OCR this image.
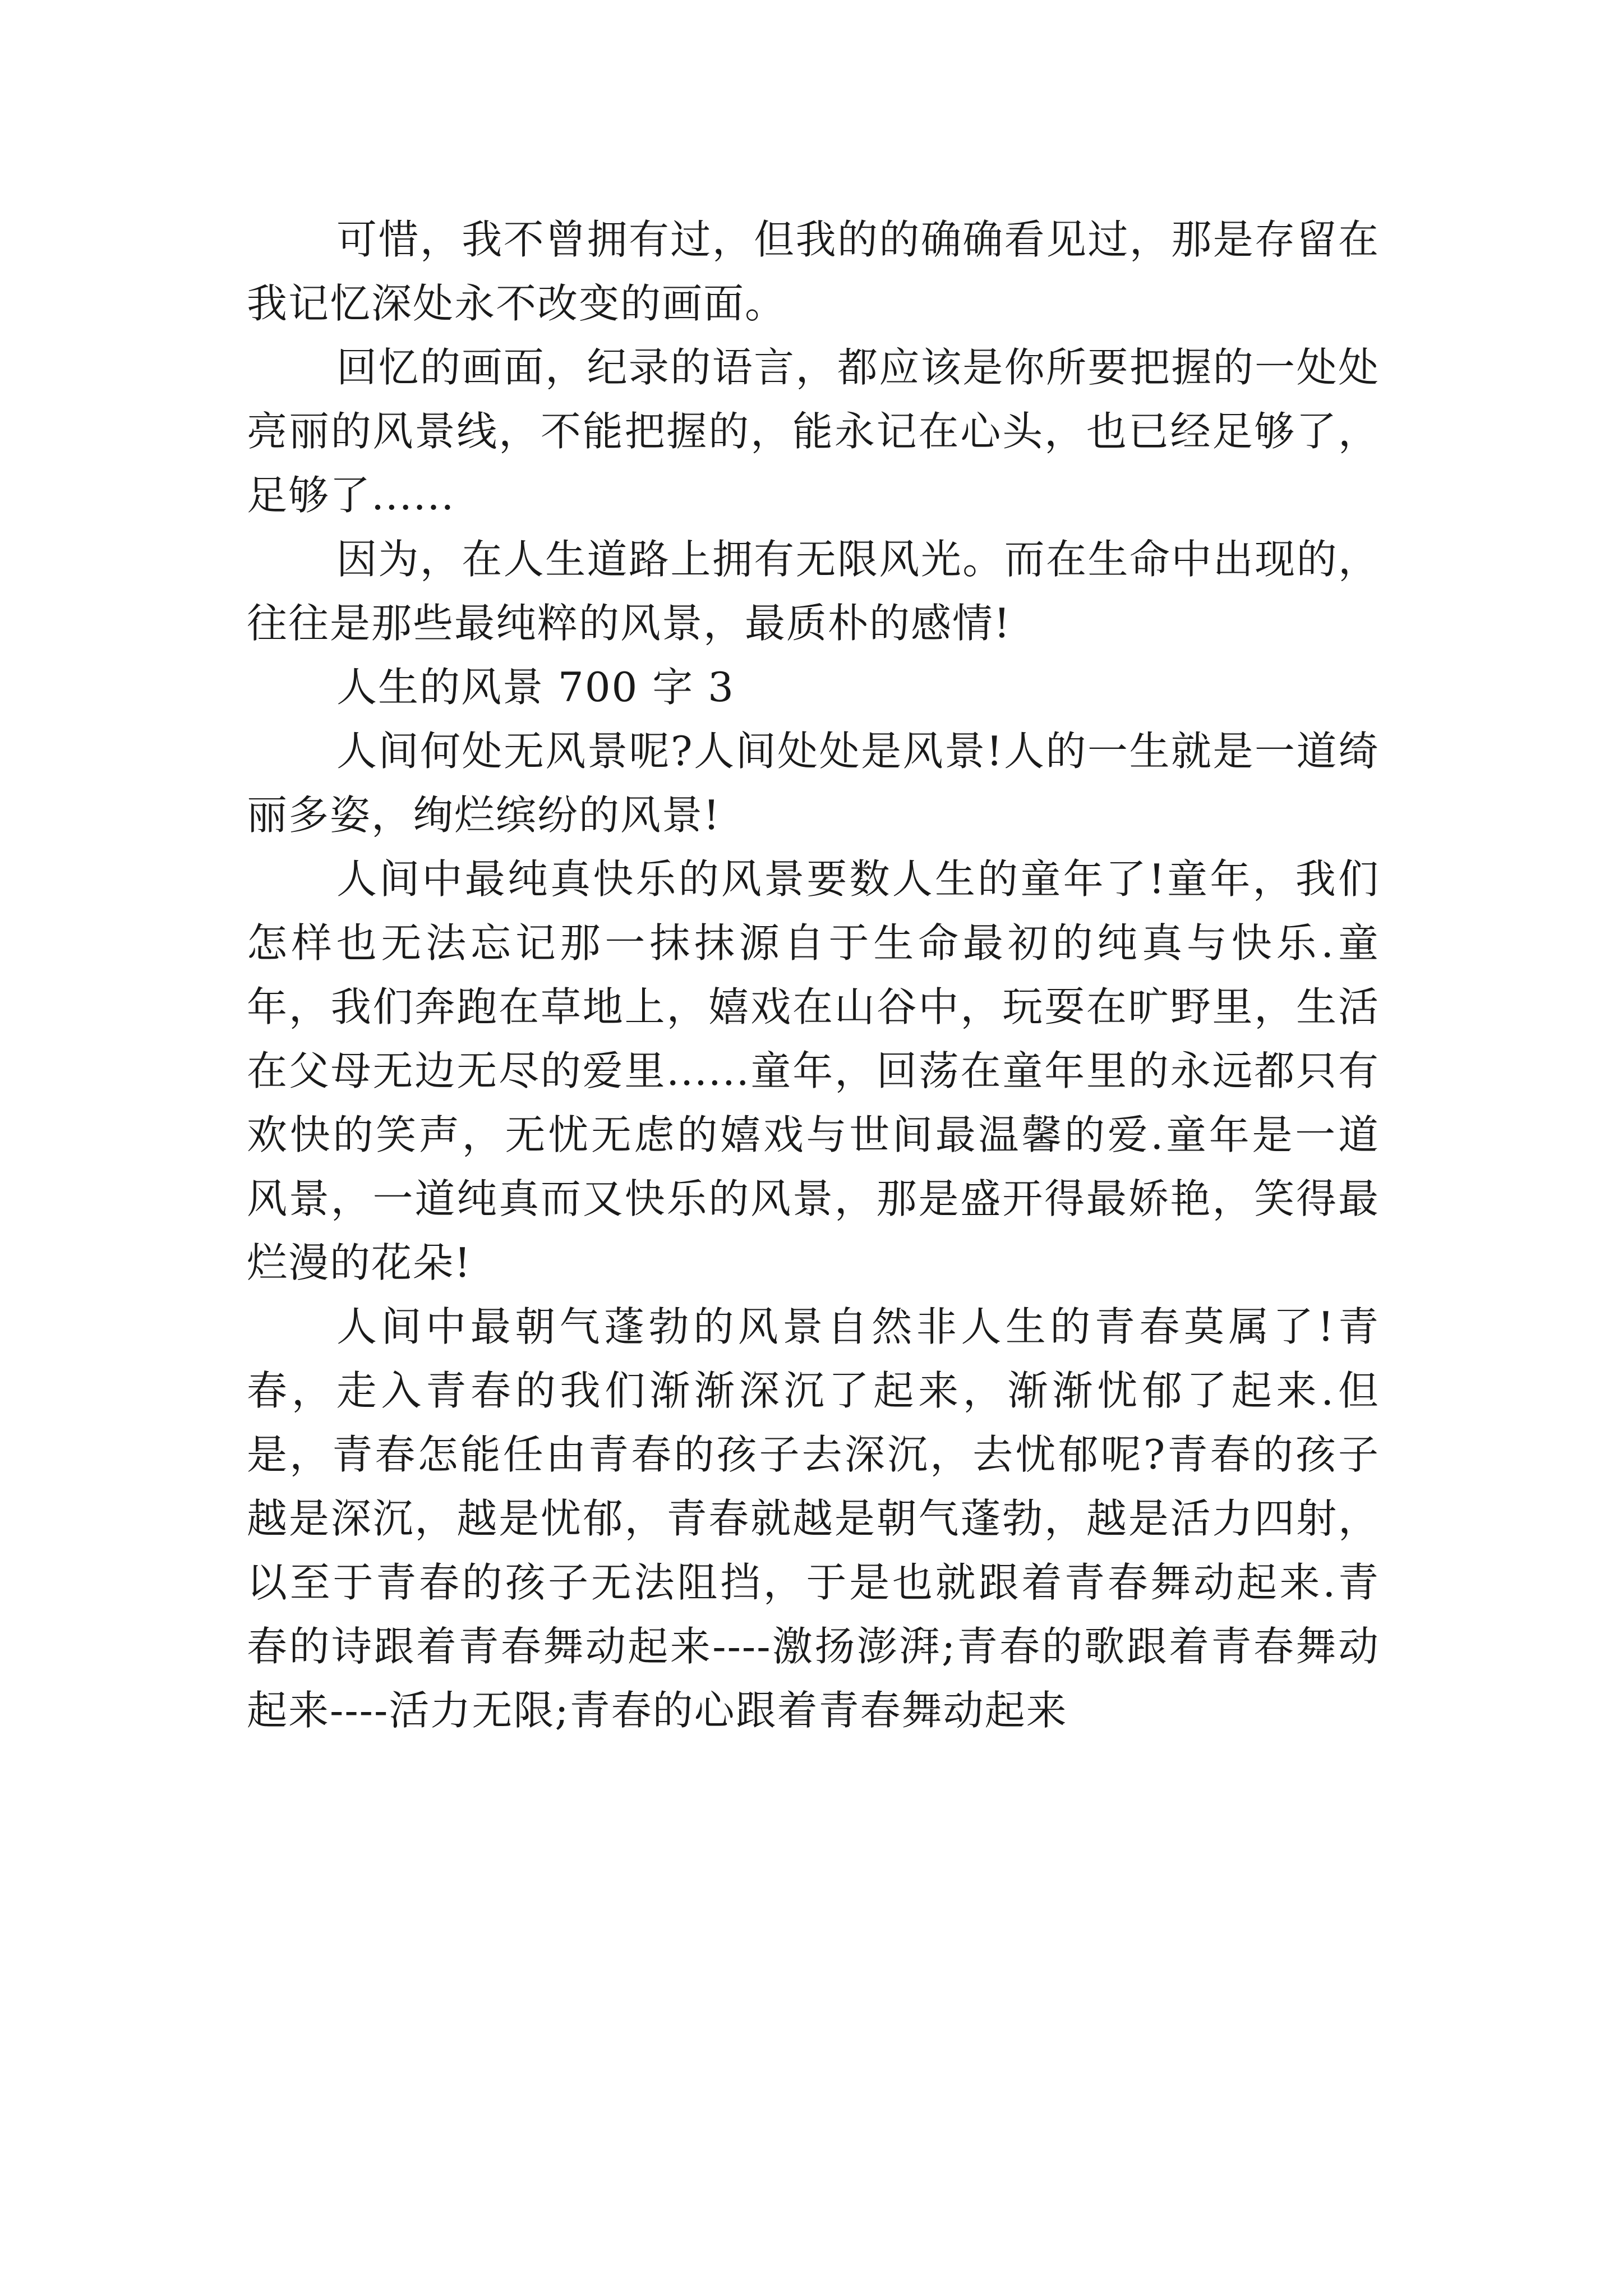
可惜，我不曾拥有过，但我的的确确看见过，那是存留在我记忆深处永不改变的画面。

回忆的画面，纪录的语言，都应该是你所要把握的一处处亮丽的风景线，不能把握的，能永记在心头，也已经足够了，足够了......

因为，在人生道路上拥有无限风光。而在生命中出现的，往往是那些最纯粹的风景，最质朴的感情!

人生的风景 700 字 3

人间何处无风景呢?人间处处是风景!人的一生就是一道绮丽多姿，绚烂缤纷的风景!

人间中最纯真快乐的风景要数人生的童年了!童年，我们怎样也无法忘记那一抹抹源自于生命最初的纯真与快乐.童年，我们奔跑在草地上，嬉戏在山谷中，玩耍在旷野里，生活在父母无边无尽的爱里......童年，回荡在童年里的永远都只有欢快的笑声，无忧无虑的嬉戏与世间最温馨的爱.童年是一道风景，一道纯真而又快乐的风景，那是盛开得最娇艳，笑得最烂漫的花朵!

人间中最朝气蓬勃的风景自然非人生的青春莫属了!青春，走入青春的我们渐渐深沉了起来，渐渐忧郁了起来.但是，青春怎能任由青春的孩子去深沉，去忧郁呢?青春的孩子越是深沉，越是忧郁，青春就越是朝气蓬勃，越是活力四射，以至于青春的孩子无法阻挡，于是也就跟着青春舞动起来.青春的诗跟着青春舞动起来----激扬澎湃;青春的歌跟着青春舞动起来----活力无限;青春的心跟着青春舞动起来
